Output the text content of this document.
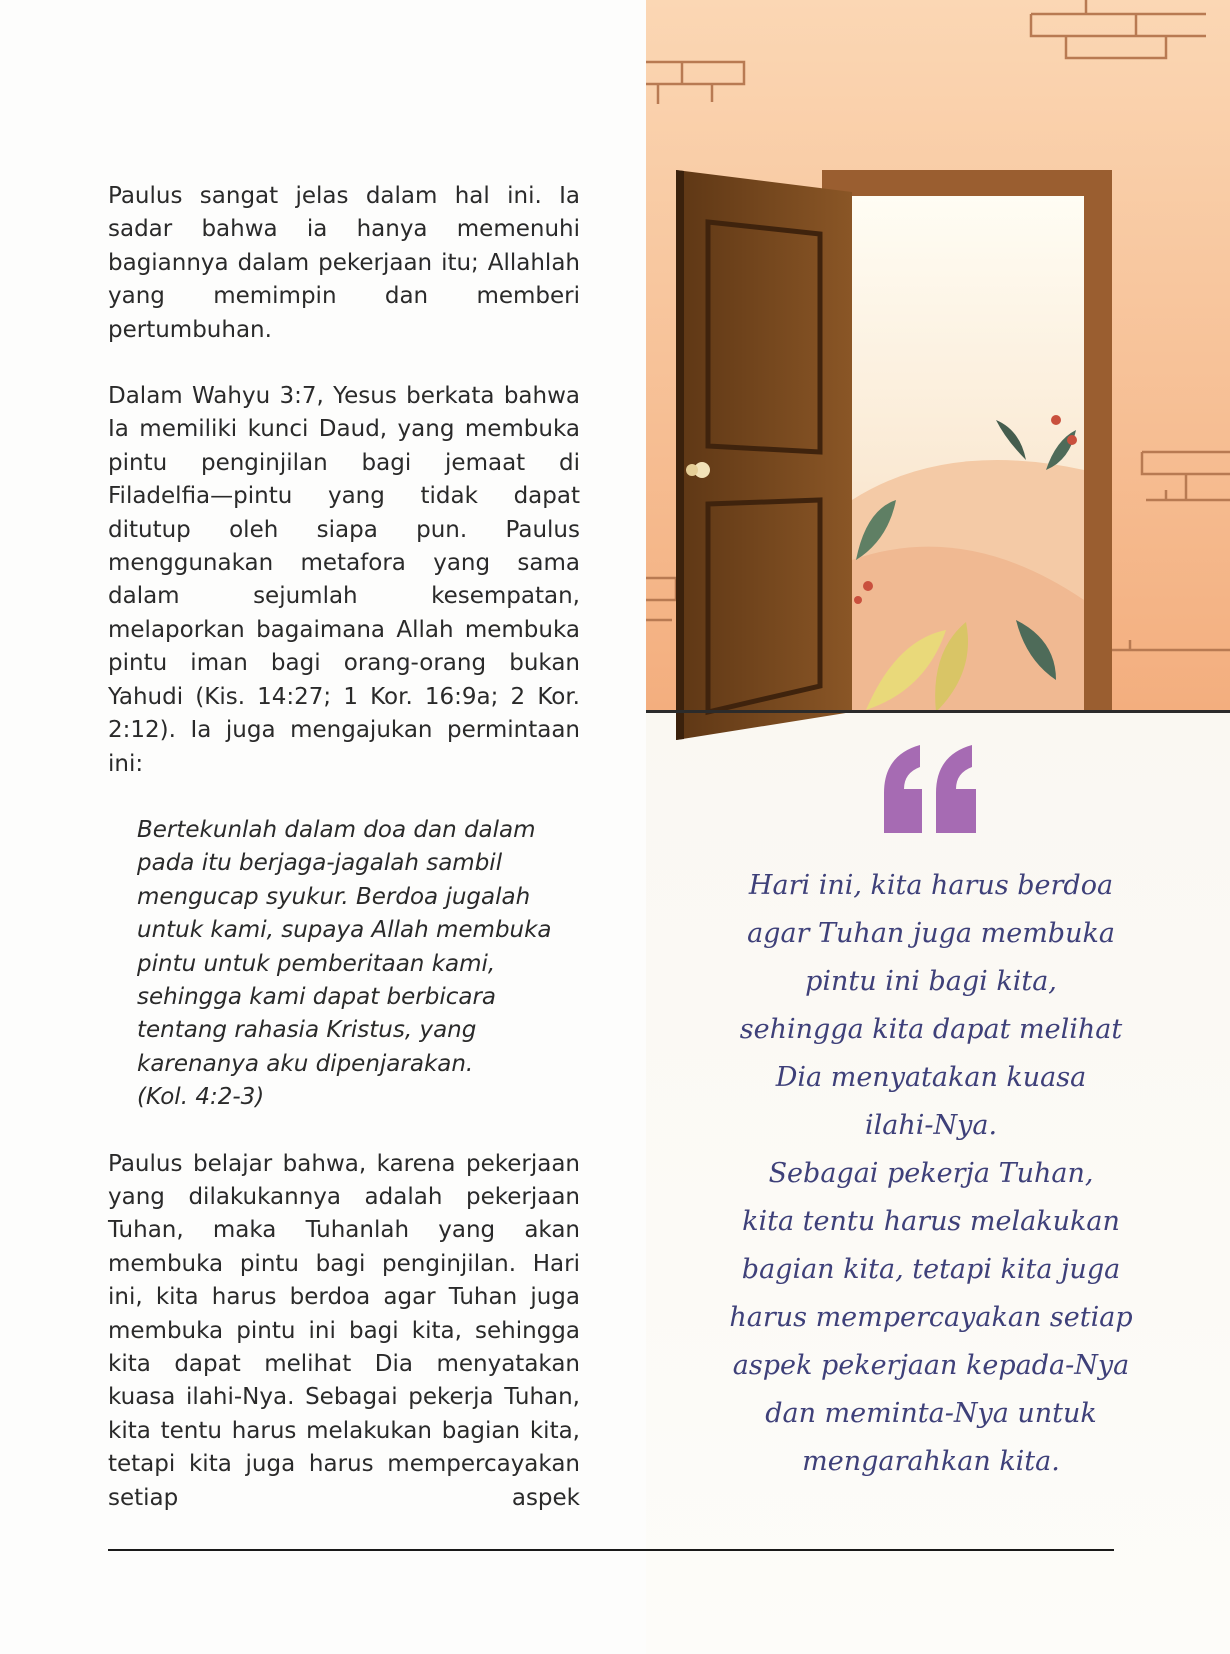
Paulus sangat jelas dalam hal ini. Ia sadar bahwa ia hanya memenuhi bagiannya dalam pekerjaan itu; Allahlah yang memimpin dan memberi pertumbuhan.

Dalam Wahyu 3:7, Yesus berkata bahwa Ia memiliki kunci Daud, yang membuka pintu penginjilan bagi jemaat di Filadelfia—pintu yang tidak dapat ditutup oleh siapa pun. Paulus menggunakan metafora yang sama dalam sejumlah kesempatan, melaporkan bagaimana Allah membuka pintu iman bagi orang-orang bukan Yahudi (Kis. 14:27; 1 Kor. 16:9a; 2 Kor. 2:12). Ia juga mengajukan permintaan ini:

Bertekunlah dalam doa dan dalam
pada itu berjaga-jagalah sambil
mengucap syukur. Berdoa jugalah
untuk kami, supaya Allah membuka
pintu untuk pemberitaan kami,
sehingga kami dapat berbicara
tentang rahasia Kristus, yang
karenanya aku dipenjarakan.
(Kol. 4:2-3)

Paulus belajar bahwa, karena pekerjaan yang dilakukannya adalah pekerjaan Tuhan, maka Tuhanlah yang akan membuka pintu bagi penginjilan. Hari ini, kita harus berdoa agar Tuhan juga membuka pintu ini bagi kita, sehingga kita dapat melihat Dia menyatakan kuasa ilahi-Nya. Sebagai pekerja Tuhan, kita tentu harus melakukan bagian kita, tetapi kita juga harus mempercayakan setiap aspek

Hari ini, kita harus berdoa
agar Tuhan juga membuka
pintu ini bagi kita,
sehingga kita dapat melihat
Dia menyatakan kuasa
ilahi-Nya.
Sebagai pekerja Tuhan,
kita tentu harus melakukan
bagian kita, tetapi kita juga
harus mempercayakan setiap
aspek pekerjaan kepada-Nya
dan meminta-Nya untuk
mengarahkan kita.
